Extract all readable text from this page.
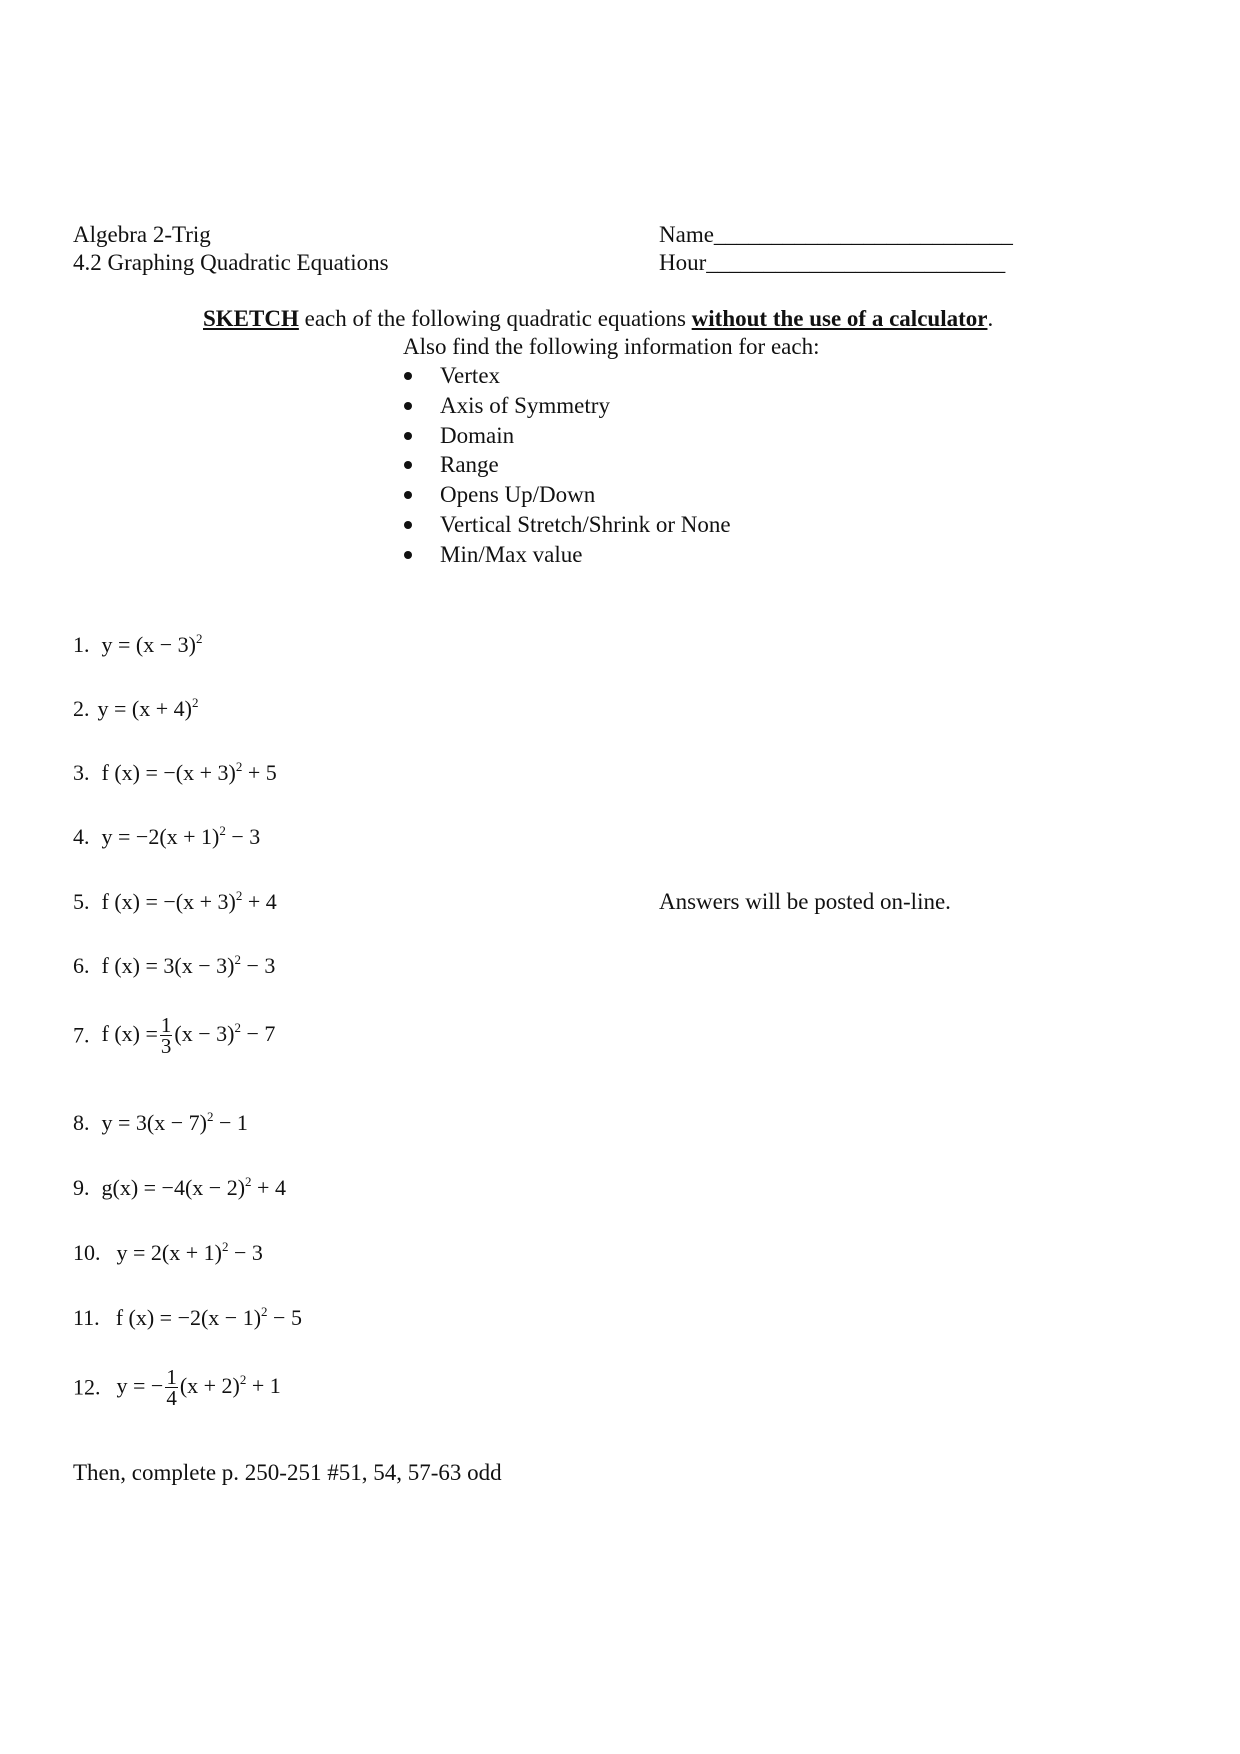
Algebra 2-Trig
4.2 Graphing Quadratic Equations
Name__________________________
Hour__________________________
SKETCH each of the following quadratic equations without the use of a calculator.
Also find the following information for each:
Vertex
Axis of Symmetry
Domain
Range
Opens Up/Down
Vertical Stretch/Shrink or None
Min/Max value
1. $y = (x - 3)^2$
2. $y = (x + 4)^2$
3. f $(x) = -(x + 3)^2 + 5$
4. $y = -2(x + 1)^2 - 3$
5. f $(x) = -(x + 3)^2 + 4$	Answers will be posted on-line.
6. f $(x) = 3(x - 3)^2 - 3$
7. f $(x) = \frac{1}{3} (x - 3)^2 - 7$
8. $y = 3(x - 7)^2 - 1$
9. $g(x) = -4(x - 2)^2 + 4$
10. $y = 2(x + 1)^2 - 3$
11. f $(x) = -2(x - 1)^2 - 5$
12. y = − $\frac{1}{4} (x + 2)^2 + 1$
Then, complete p. 250-251 #51, 54, 57-63 odd
